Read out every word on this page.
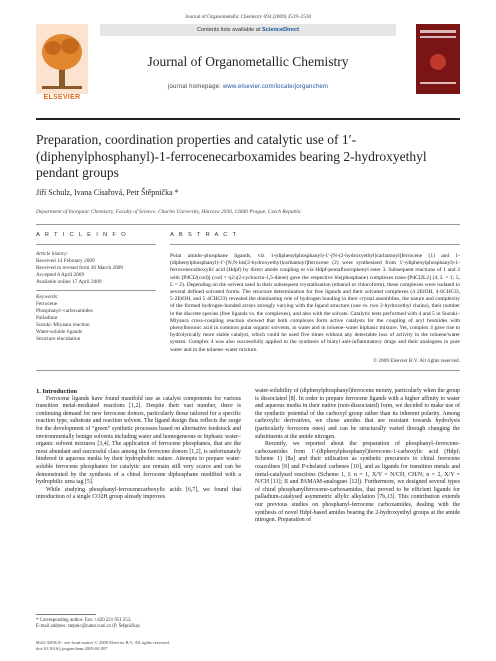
Journal of Organometallic Chemistry 694 (2009) 2519–2530
ELSEVIER
Contents lists available at ScienceDirect
Journal of Organometallic Chemistry
journal homepage: www.elsevier.com/locate/jorganchem
Preparation, coordination properties and catalytic use of 1′-(diphenylphosphanyl)-1-ferrocenecarboxamides bearing 2-hydroxyethyl pendant groups
Jiří Schulz, Ivana Císařová, Petr Štěpnička *
Department of Inorganic Chemistry, Faculty of Science, Charles University, Hlavova 2030, 12840 Prague, Czech Republic
A R T I C L E I N F O	A B S T R A C T
Article history:
Received 14 February 2009
Received in revised form 30 March 2009
Accepted 8 April 2009
Available online 17 April 2009
Keywords:
Ferrocene
Phosphanyl–carboxamides
Palladium
Suzuki–Miyaura reaction
Water-soluble ligands
Structure elucidation
Polar amido–phosphane ligands, viz 1-(diphenylphosphanyl)-1′-[N-(2-hydroxyethyl)carbamoyl]ferrocene (1) and 1-(diphenylphosphanyl)-1′-[N,N-bis(2-hydroxyethyl)carbamoyl]ferrocene (2) were synthesised from 1′-(diphenylphosphanyl)-1-ferrocenecarboxylic acid (Hdpf) by direct amide coupling or via Hdpf-pentafluorophenyl ester 3. Subsequent reactions of 1 and 2 with [PdCl2(cod)] (cod = η2:η2-cycloocta-1,5-diene) gave the respective bis(phosphane) complexes trans-[PdCl2L2] (4, L = 1; 5, L = 2). Depending on the solvent used in their subsequent crystallisation (ethanol or chloroform), these complexes were isolated in several defined solvated forms. The structure determination for free ligands and their solvated complexes (4·2EtOH, 4·6CHCl3, 5·2EtOH, and 5·4CHCl3) revealed the dominating role of hydrogen bonding in their crystal assemblies, the nature and complexity of the formed hydrogen-bonded arrays strongly varying with the ligand structure (one vs. two 2-hydroxethyl chains), their number in the discrete species (free ligands vs. the complexes), and also with the solvate. Catalytic tests performed with 4 and 5 in Suzuki–Miyaura cross-coupling reaction showed that both complexes form active catalysts for the coupling of aryl bromides with phenylboronic acid in common polar organic solvents, in water and in toluene–water biphasic mixture. Yet, complex 4 gave rise to hydrolytically more stable catalyst, which could be used five times without any detectable loss of activity in the toluene/water system. Complex 4 was also successfully applied to the synthesis of biaryl anti-inflammatory drugs and their analogues in pure water and in the toluene–water mixture.
© 2009 Elsevier B.V. All rights reserved.

1. Introduction

Ferrocene ligands have found manifold use as catalyst components for various transition metal-mediated reactions [1,2]. Despite their vast number, there is continuing demand for new ferrocene donors, particularly those tailored for a specific reaction type, substrate and reaction solvent. The ligand design thus reflects the surge for the development of “green” synthetic processes based on alternative feedstock and environmentally benign solvents including water and homogeneous or biphasic water–organic solvent mixtures [3,4]. The application of ferrocene phosphanes, that are the most abundant and successful class among the ferrocene donors [1,2], is unfortunately hindered in aqueous media by their hydrophobic nature. Attempts to prepare water-soluble ferrocene phosphanes for catalytic use remain still very scarce and can be demonstrated by the synthesis of a chiral ferrocene diphosphane modified with a hydrophilic urea tag [5].

While studying phosphanyl-ferrocenecarboxylic acids [6,7], we found that introduction of a single CO2H group already improves

water-solubility of (diphenylphosphanyl)ferrocene moiety, particularly when the group is dissociated [8]. In order to prepare ferrocene ligands with a higher affinity to water and aqueous media in their native (non-dissociated) form, we decided to make use of the synthetic potential of the carboxyl group rather than its inherent polarity. Among carboxylic derivatives, we chose amides that are resistant towards hydrolysis (particularly ferrocene ones) and can be structurally varied through changing the substituents at the amide nitrogen.

Recently, we reported about the preparation of phosphanyl–ferrocene-carboxamides from 1′-(diphenylphosphanyl)ferrocene-1-carboxylic acid (Hdpf; Scheme 1) [8a] and their utilisation as synthetic precursors to chiral ferrocene oxazolines [9] and P-chelated carbenes [10], and as ligands for transition metals and metal-catalysed reactions (Scheme 1, I: n = 1, X/Y = N/CH, CH/N; n = 2, X/Y = N/CH [11]; II and PAMAM-analogues [12]). Furthermore, we designed several types of chiral phosphanylferrocene-carboxamides, that proved to be efficient ligands for palladium-catalysed asymmetric allylic alkylation [7b,13]. This contribution extends our previous studies on phosphanyl-ferrocene carboxamides, dealing with the synthesis of novel Hdpf-based amides bearing the 2-hydroxyethyl groups at the amide nitrogen. Preparation of

* Corresponding author. Fax: +420 221 951 253.
E-mail address: stepnic@natur.cuni.cz (P. Štěpnička).
0022-328X/$ - see front matter © 2009 Elsevier B.V. All rights reserved.
doi:10.1016/j.jorganchem.2009.04.007
